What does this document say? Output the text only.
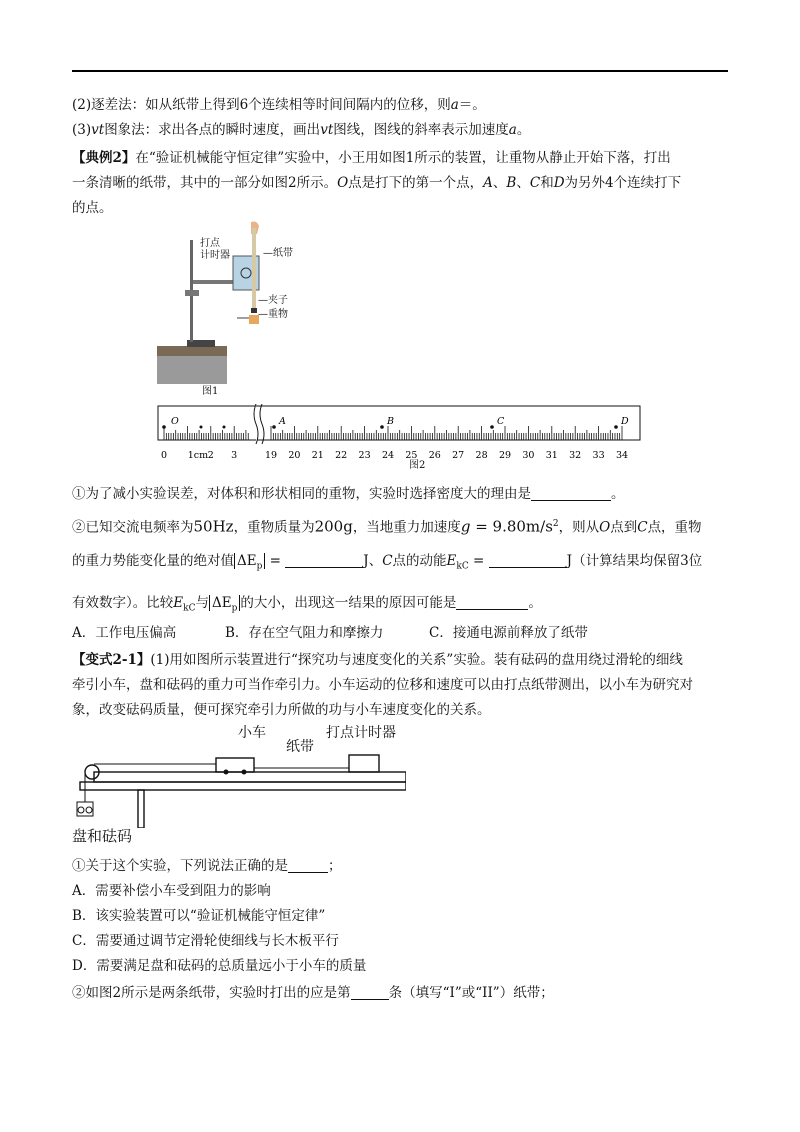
(2)逐差法：如从纸带上得到6个连续相等时间间隔内的位移，则a＝。
(3)vt图象法：求出各点的瞬时速度，画出vt图线，图线的斜率表示加速度a。
【典例2】在“验证机械能守恒定律”实验中，小王用如图1所示的装置，让重物从静止开始下落，打出
一条清晰的纸带，其中的一部分如图2所示。O点是打下的第一个点，A、B、C和D为另外4个连续打下
的点。
打点
计时器	—纸带
—夹子
—重物
图1
0 1cm 2 3	19 20 21 22 23 24 25 26 27 28 29 30 31 32 33 34
O	A	B	C	D
图2
①为了减小实验误差，对体积和形状相同的重物，实验时选择密度大的理由是	。
②已知交流电频率为50Hz，重物质量为200g，当地重力加速度$g = 9.80m/s^2$，则从O点到C点，重物
的重力势能变化量的绝对值 $\Delta E_p$ =	J、C点的动能$E_{kC}$ =	J（计算结果均保留3位
有效数字）。比较$E_{kC}$与 $\Delta E_p$ 的大小，出现这一结果的原因可能是	。
A．工作电压偏高	B．存在空气阻力和摩擦力	C．接通电源前释放了纸带
【变式2-1】(1)用如图所示装置进行“探究功与速度变化的关系”实验。装有砝码的盘用绕过滑轮的细线
牵引小车，盘和砝码的重力可当作牵引力。小车运动的位移和速度可以由打点纸带测出，以小车为研究对
象，改变砝码质量，便可探究牵引力所做的功与小车速度变化的关系。
小车
纸带
打点计时器
盘和砝码
①关于这个实验，下列说法正确的是	；
A．需要补偿小车受到阻力的影响
B．该实验装置可以“验证机械能守恒定律”
C．需要通过调节定滑轮使细线与长木板平行
D．需要满足盘和砝码的总质量远小于小车的质量
②如图2所示是两条纸带，实验时打出的应是第	条（填写“I”或“II”）纸带；
